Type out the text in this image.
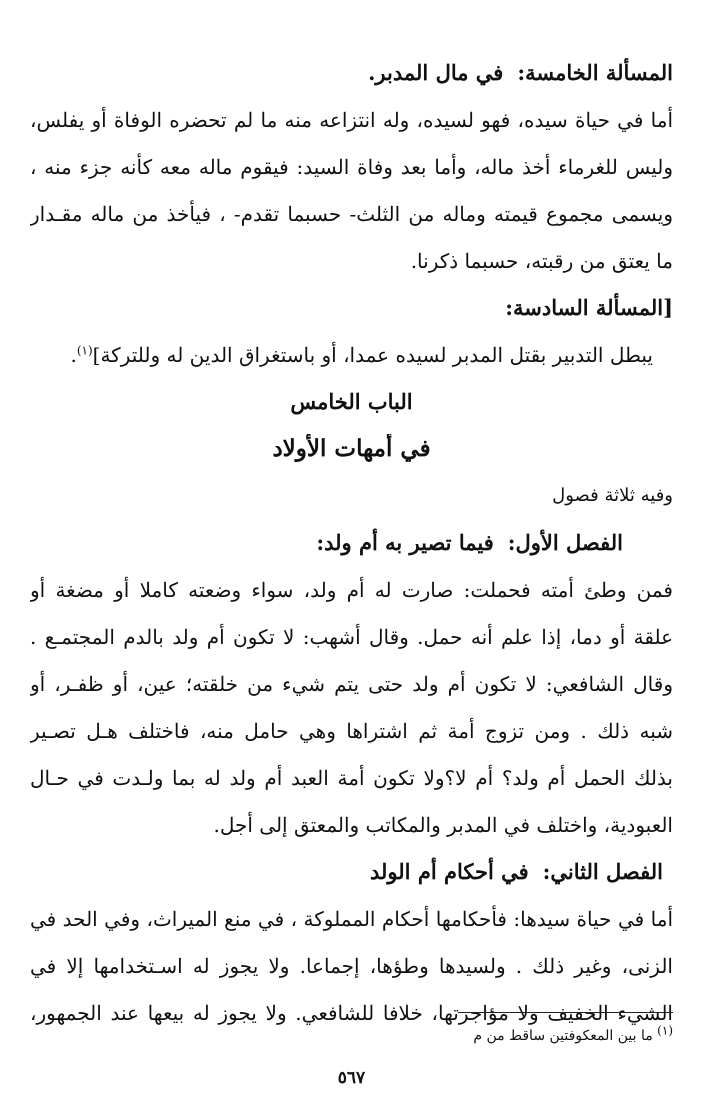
المسألة الخامسة:في مال المدبر.
أما في حياة سيده، فهو لسيده، وله انتزاعه منه ما لم تحضره الوفاة أو يفلس،
وليس للغرماء أخذ ماله، وأما بعد وفاة السيد: فيقوم ماله معه كأنه جزء منه ،
ويسمى مجموع قيمته وماله من الثلث- حسبما تقدم- ، فيأخذ من ماله مقـدار
ما يعتق من رقبته، حسبما ذكرنا.
[المسألة السادسة:
يبطل التدبير بقتل المدبر لسيده عمدا، أو باستغراق الدين له وللتركة]$^{(١)}$.
الباب الخامس
في أمهات الأولاد
وفيه ثلاثة فصول
الفصل الأول:فيما تصير به أم ولد:
فمن وطئ أمته فحملت: صارت له أم ولد، سواء وضعته كاملا أو مضغة أو
علقة أو دما، إذا علم أنه حمل. وقال أشهب: لا تكون أم ولد بالدم المجتمـع .
وقال الشافعي: لا تكون أم ولد حتى يتم شيء من خلقته؛ عين، أو ظفـر، أو
شبه ذلك . ومن تزوج أمة ثم اشتراها وهي حامل منه، فاختلف هـل تصـير
بذلك الحمل أم ولد؟ أم لا؟ولا تكون أمة العبد أم ولد له بما ولـدت في حـال
العبودية، واختلف في المدبر والمكاتب والمعتق إلى أجل.
الفصل الثاني:في أحكام أم الولد
أما في حياة سيدها: فأحكامها أحكام المملوكة ، في منع الميراث، وفي الحد في
الزنى، وغير ذلك . ولسيدها وطؤها، إجماعا. ولا يجوز له اسـتخدامها إلا في
الشيء الخفيف ولا مؤاجرتها، خلافا للشافعي. ولا يجوز له بيعها عند الجمهور،
$^{(١)}$ ما بين المعكوفتين ساقط من م
٥٦٧
